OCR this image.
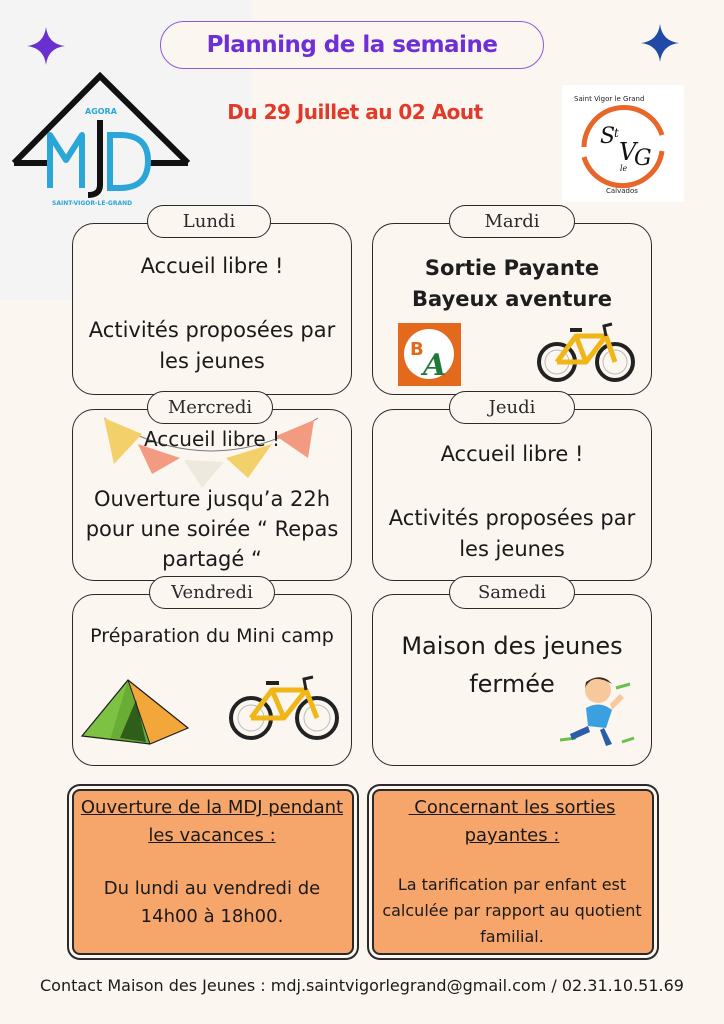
AGORA
SAINT-VIGOR-LE-GRAND
Planning de la semaine
Du 29 Juillet au 02 Aout
S
t
V
G
le
Saint Vigor le Grand
Calvados
Lundi
Accueil libre !
Activités proposées par
les jeunes
Mardi
Sortie Payante
Bayeux aventure
B A
Mercredi
Accueil libre !
Ouverture jusqu’a 22h
pour une soirée “ Repas
partagé “
Jeudi
Accueil libre !
Activités proposées par
les jeunes
Vendredi
Préparation du Mini camp
Samedi
Maison des jeunes
fermée
Ouverture de la MDJ pendant
les vacances :
Du lundi au vendredi de
14h00 à 18h00.
Concernant les sorties
payantes :
La tarification par enfant est
calculée par rapport au quotient
familial.
Contact Maison des Jeunes : mdj.saintvigorlegrand@gmail.com / 02.31.10.51.69
